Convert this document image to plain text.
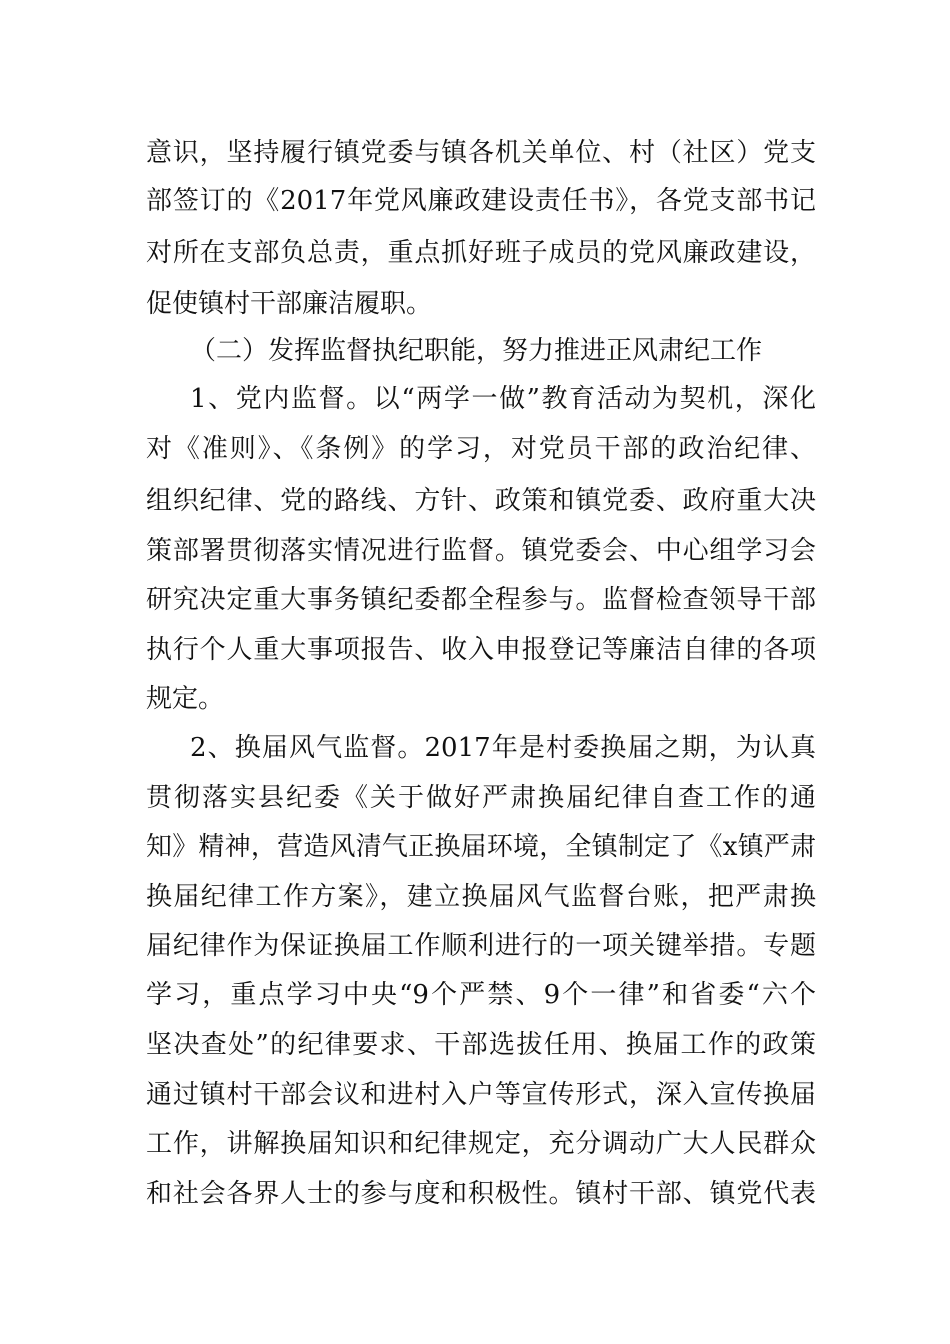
意识，坚持履行镇党委与镇各机关单位、村（社区）党支
部签订的《2017年党风廉政建设责任书》，各党支部书记
对所在支部负总责，重点抓好班子成员的党风廉政建设，
促使镇村干部廉洁履职。
（二）发挥监督执纪职能，努力推进正风肃纪工作
1、党内监督。以“两学一做”教育活动为契机，深化
对《准则》、《条例》的学习，对党员干部的政治纪律、
组织纪律、党的路线、方针、政策和镇党委、政府重大决
策部署贯彻落实情况进行监督。镇党委会、中心组学习会
研究决定重大事务镇纪委都全程参与。监督检查领导干部
执行个人重大事项报告、收入申报登记等廉洁自律的各项
规定。
2、换届风气监督。2017年是村委换届之期，为认真
贯彻落实县纪委《关于做好严肃换届纪律自查工作的通
知》精神，营造风清气正换届环境，全镇制定了《x镇严肃
换届纪律工作方案》，建立换届风气监督台账，把严肃换
届纪律作为保证换届工作顺利进行的一项关键举措。专题
学习，重点学习中央“9个严禁、9个一律”和省委“六个
坚决查处”的纪律要求、干部选拔任用、换届工作的政策
通过镇村干部会议和进村入户等宣传形式，深入宣传换届
工作，讲解换届知识和纪律规定，充分调动广大人民群众
和社会各界人士的参与度和积极性。镇村干部、镇党代表
